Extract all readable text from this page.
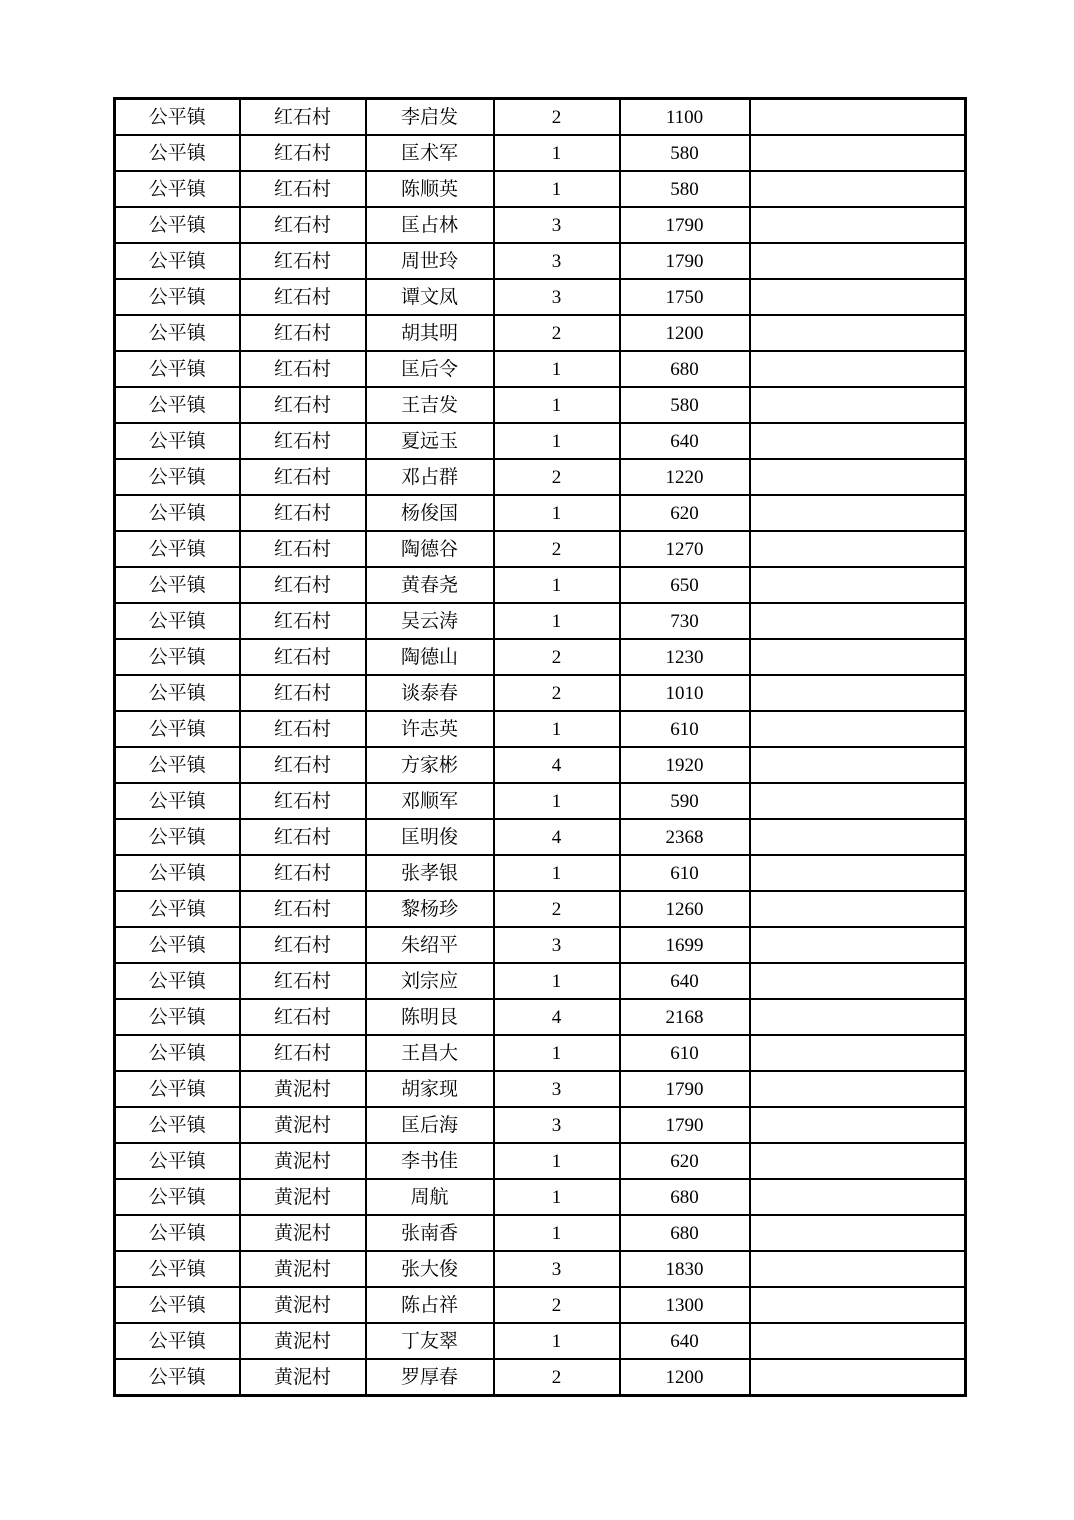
公平镇	红石村	李启发	2	1100	
公平镇	红石村	匡术军	1	580	
公平镇	红石村	陈顺英	1	580	
公平镇	红石村	匡占林	3	1790	
公平镇	红石村	周世玲	3	1790	
公平镇	红石村	谭文凤	3	1750	
公平镇	红石村	胡其明	2	1200	
公平镇	红石村	匡后令	1	680	
公平镇	红石村	王吉发	1	580	
公平镇	红石村	夏远玉	1	640	
公平镇	红石村	邓占群	2	1220	
公平镇	红石村	杨俊国	1	620	
公平镇	红石村	陶德谷	2	1270	
公平镇	红石村	黄春尧	1	650	
公平镇	红石村	吴云涛	1	730	
公平镇	红石村	陶德山	2	1230	
公平镇	红石村	谈泰春	2	1010	
公平镇	红石村	许志英	1	610	
公平镇	红石村	方家彬	4	1920	
公平镇	红石村	邓顺军	1	590	
公平镇	红石村	匡明俊	4	2368	
公平镇	红石村	张孝银	1	610	
公平镇	红石村	黎杨珍	2	1260	
公平镇	红石村	朱绍平	3	1699	
公平镇	红石村	刘宗应	1	640	
公平镇	红石村	陈明艮	4	2168	
公平镇	红石村	王昌大	1	610	
公平镇	黄泥村	胡家现	3	1790	
公平镇	黄泥村	匡后海	3	1790	
公平镇	黄泥村	李书佳	1	620	
公平镇	黄泥村	周航	1	680	
公平镇	黄泥村	张南香	1	680	
公平镇	黄泥村	张大俊	3	1830	
公平镇	黄泥村	陈占祥	2	1300	
公平镇	黄泥村	丁友翠	1	640	
公平镇	黄泥村	罗厚春	2	1200	
